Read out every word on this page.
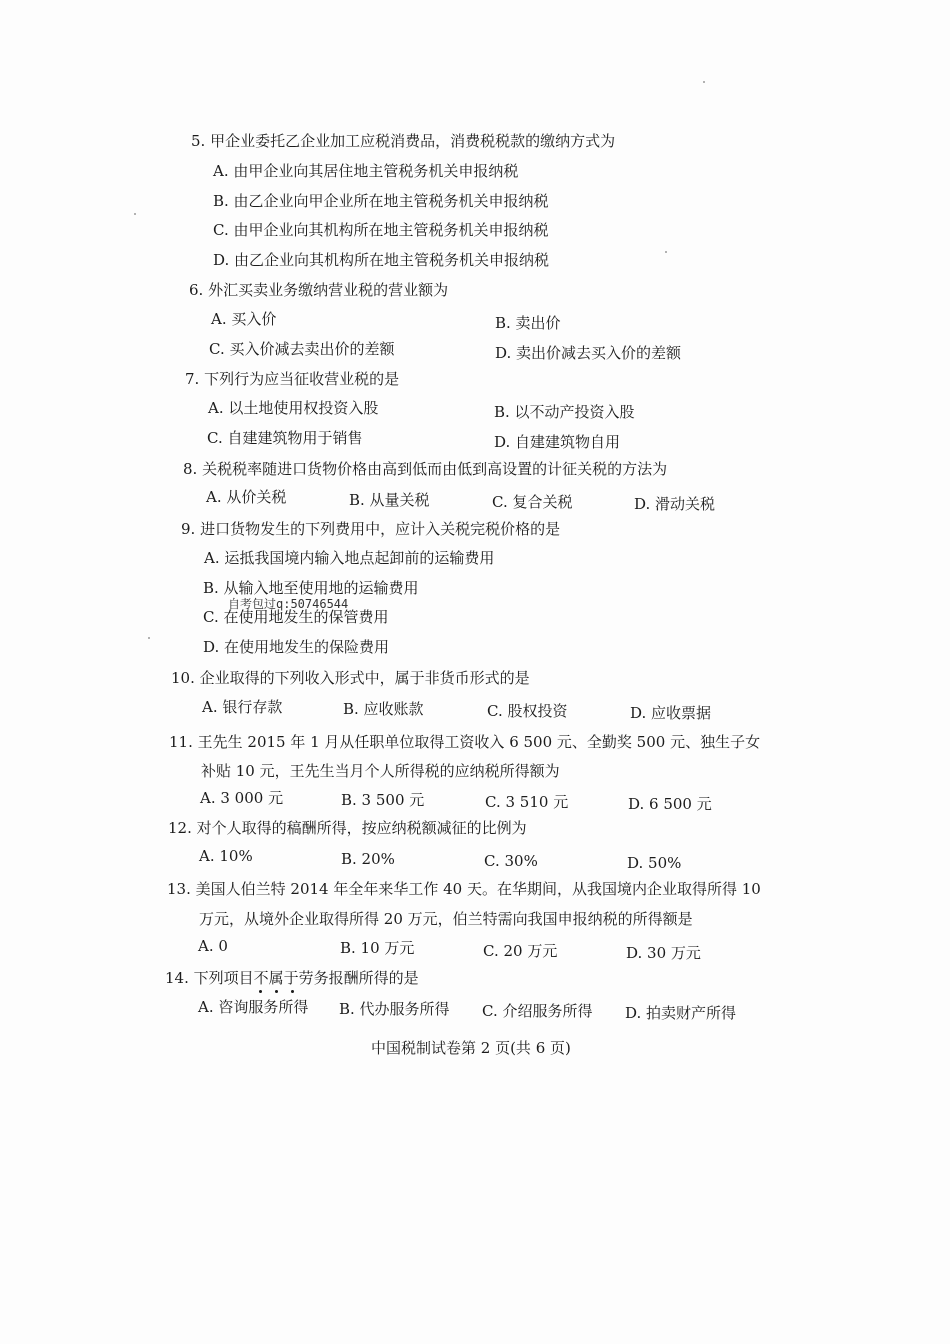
5. 甲企业委托乙企业加工应税消费品，消费税税款的缴纳方式为
A. 由甲企业向其居住地主管税务机关申报纳税
B. 由乙企业向甲企业所在地主管税务机关申报纳税
C. 由甲企业向其机构所在地主管税务机关申报纳税
D. 由乙企业向其机构所在地主管税务机关申报纳税
6. 外汇买卖业务缴纳营业税的营业额为
A. 买入价	B. 卖出价
C. 买入价减去卖出价的差额	D. 卖出价减去买入价的差额
7. 下列行为应当征收营业税的是
A. 以土地使用权投资入股	B. 以不动产投资入股
C. 自建建筑物用于销售	D. 自建建筑物自用
8. 关税税率随进口货物价格由高到低而由低到高设置的计征关税的方法为
A. 从价关税	B. 从量关税	C. 复合关税	D. 滑动关税
9. 进口货物发生的下列费用中，应计入关税完税价格的是
A. 运抵我国境内输入地点起卸前的运输费用
B. 从输入地至使用地的运输费用
自考包过q:50746544
C. 在使用地发生的保管费用
D. 在使用地发生的保险费用
10. 企业取得的下列收入形式中，属于非货币形式的是
A. 银行存款	B. 应收账款	C. 股权投资	D. 应收票据
11. 王先生 2015 年 1 月从任职单位取得工资收入 6 500 元、全勤奖 500 元、独生子女
补贴 10 元，王先生当月个人所得税的应纳税所得额为
A. 3 000 元	B. 3 500 元	C. 3 510 元	D. 6 500 元
12. 对个人取得的稿酬所得，按应纳税额减征的比例为
A. 10%	B. 20%	C. 30%	D. 50%
13. 美国人伯兰特 2014 年全年来华工作 40 天。在华期间，从我国境内企业取得所得 10
万元，从境外企业取得所得 20 万元，伯兰特需向我国申报纳税的所得额是
A. 0	B. 10 万元	C. 20 万元	D. 30 万元
14. 下列项目不属于
劳务报酬所得的是
A. 咨询服务所得 B. 代办服务所得 C. 介绍服务所得 D. 拍卖财产所得
中国税制试卷第 2 页(共 6 页)
